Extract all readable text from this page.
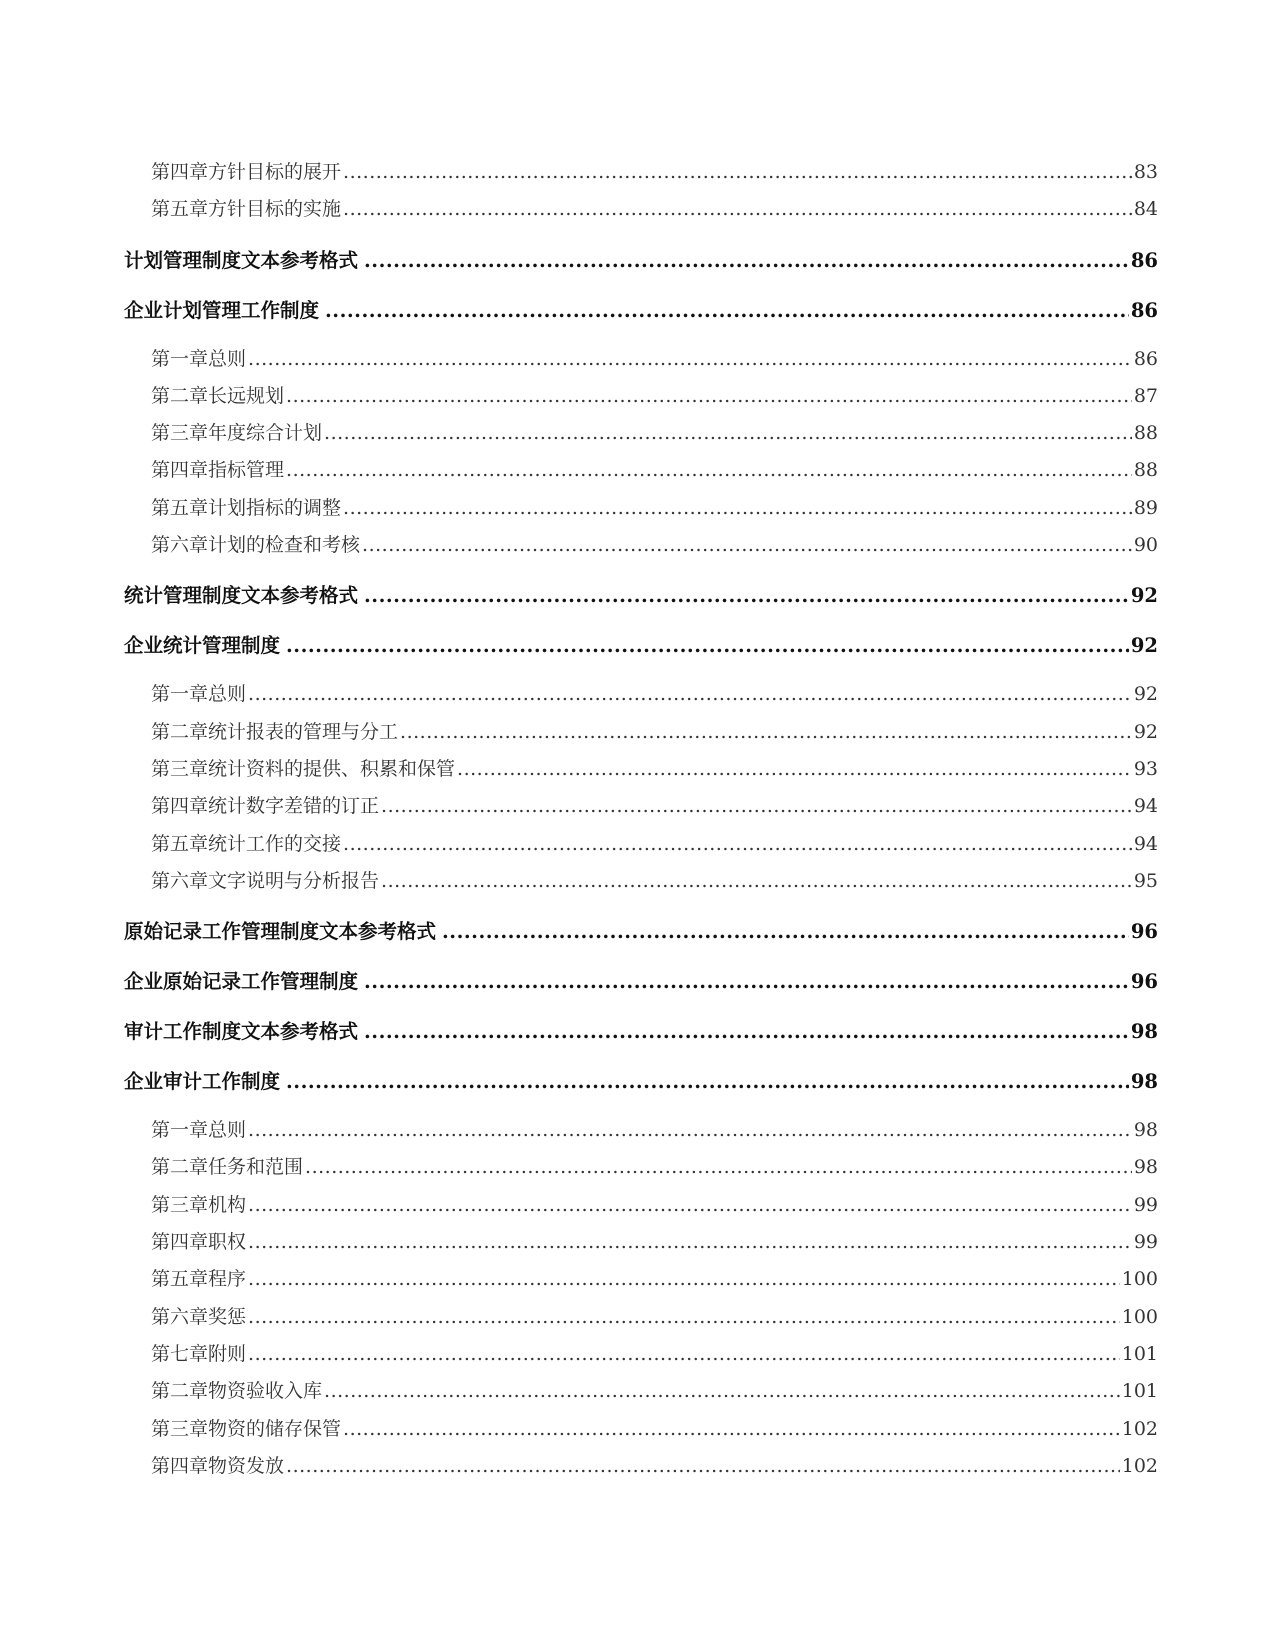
第四章 方针目标的展开 .....	83
第五章 方针目标的实施 .....	84
计划管理制度文本参考格式 .....	86
企业计划管理工作制度 .....	86
第一章 总则 .....	86
第二章 长远规划 .....	87
第三章 年度综合计划 .....	88
第四章 指标管理 .....	88
第五章 计划指标的调整 .....	89
第六章 计划的检查和考核 .....	90
统计管理制度文本参考格式 .....	92
企业统计管理制度 .....	92
第一章 总则 .....	92
第二章 统计报表的管理与分工 .....	92
第三章 统计资料的提供、积累和保管 .....	93
第四章 统计数字差错的订正 .....	94
第五章 统计工作的交接 .....	94
第六章 文字说明与分析报告 .....	95
原始记录工作管理制度文本参考格式 .....	96
企业原始记录工作管理制度 .....	96
审计工作制度文本参考格式 .....	98
企业审计工作制度 .....	98
第一章 总则 .....	98
第二章 任务和范围 .....	98
第三章 机构 .....	99
第四章 职权 .....	99
第五章 程序 .....	100
第六章 奖惩 .....	100
第七章 附则 .....	101
第二章 物资验收入库 .....	101
第三章 物资的储存保管 .....	102
第四章 物资发放 .....	102
